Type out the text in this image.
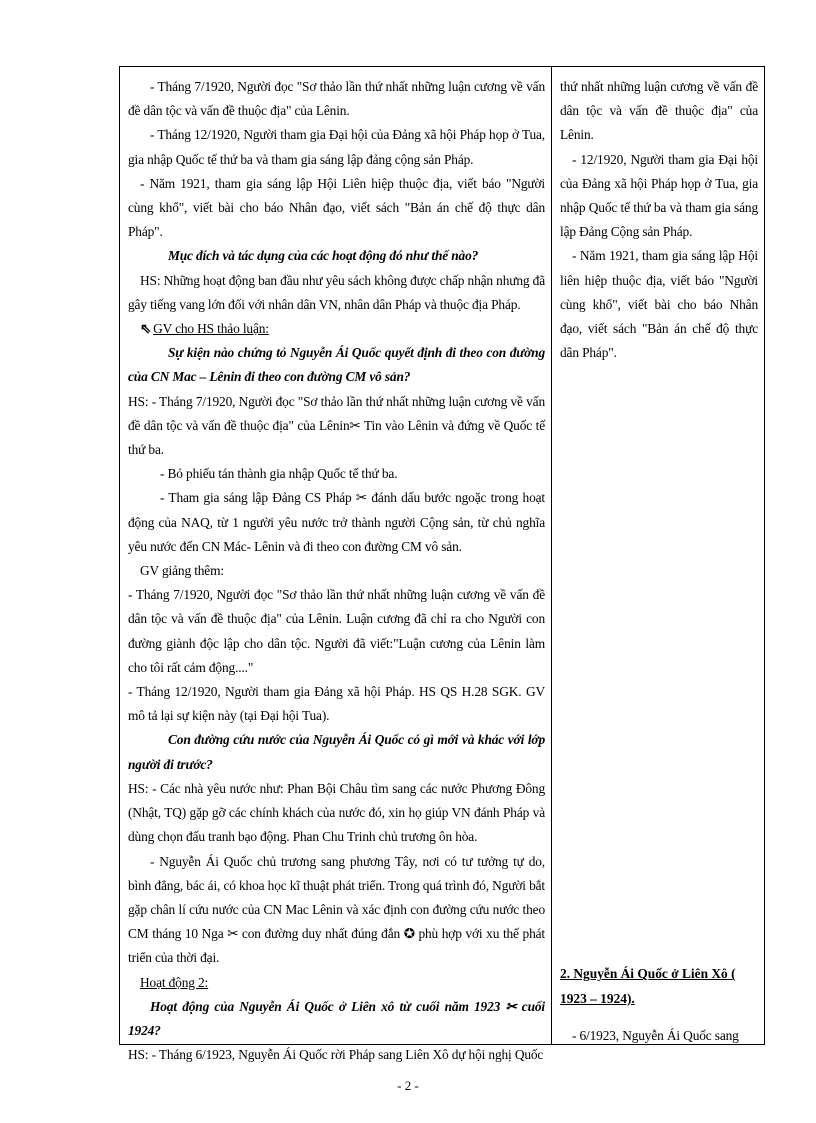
- Tháng 7/1920, Người đọc "Sơ thảo lần thứ nhất những luận cương về vấn đề dân tộc và vấn đề thuộc địa" của Lênin.

- Tháng 12/1920, Người tham gia Đại hội của Đảng xã hội Pháp họp ở Tua, gia nhập Quốc tế thứ ba và tham gia sáng lập đảng cộng sản Pháp.

- Năm 1921, tham gia sáng lập Hội Liên hiệp thuộc địa, viết báo "Người cùng khổ", viết bài cho báo Nhân đạo, viết sách "Bản án chế độ thực dân Pháp".

Mục đích và tác dụng của các hoạt động đó như thế nào?

HS: Những hoạt động ban đầu như yêu sách không được chấp nhận nhưng đã gây tiếng vang lớn đối với nhân dân VN, nhân dân Pháp và thuộc địa Pháp.

⇖ GV cho HS thảo luận:

Sự kiện nào chứng tỏ Nguyễn Ái Quốc quyết định đi theo con đường của CN Mac – Lênin đi theo con đường CM vô sản?

HS: - Tháng 7/1920, Người đọc "Sơ thảo lần thứ nhất những luận cương về vấn đề dân tộc và vấn đề thuộc địa" của Lênin✂ Tin vào Lênin và đứng về Quốc tế thứ ba.

- Bỏ phiếu tán thành gia nhập Quốc tế thứ ba.

- Tham gia sáng lập Đảng CS Pháp ✂ đánh dấu bước ngoặc trong hoạt động của NAQ, từ 1 người yêu nước trở thành người Cộng sản, từ chủ nghĩa yêu nước đến CN Mác- Lênin và đi theo con đường CM vô sản.

GV giảng thêm:

- Tháng 7/1920, Người đọc "Sơ thảo lần thứ nhất những luận cương về vấn đề dân tộc và vấn đề thuộc địa" của Lênin. Luận cương đã chỉ ra cho Người con đường giành độc lập cho dân tộc. Người đã viết:"Luận cương của Lênin làm cho tôi rất cảm động...."

- Tháng 12/1920, Người tham gia Đảng xã hội Pháp. HS QS H.28 SGK. GV mô tả lại sự kiện này (tại Đại hội Tua).

Con đường cứu nước của Nguyễn Ái Quốc có gì mới và khác với lớp người đi trước?

HS: - Các nhà yêu nước như: Phan Bội Châu tìm sang các nước Phương Đông (Nhật, TQ) gặp gỡ các chính khách của nước đó, xin họ giúp VN đánh Pháp và dùng chọn đấu tranh bạo động. Phan Chu Trinh chủ trương ôn hòa.

- Nguyễn Ái Quốc chủ trương sang phương Tây, nơi có tư tưởng tự do, bình đẳng, bác ái, có khoa học kĩ thuật phát triển. Trong quá trình đó, Người bắt gặp chân lí cứu nước của CN Mac Lênin và xác định con đường cứu nước theo CM tháng 10 Nga ✂ con đường duy nhất đúng đắn ✪ phù hợp với xu thế phát triển của thời đại.

Hoạt động 2:

Hoạt động của Nguyễn Ái Quốc ở Liên xô từ cuối năm 1923 ✂ cuối 1924?

HS: - Tháng 6/1923, Nguyễn Ái Quốc rời Pháp sang Liên Xô dự hội nghị Quốc

thứ nhất những luận cương về vấn đề dân tộc và vấn đề thuộc địa" của Lênin.

- 12/1920, Người tham gia Đại hội của Đảng xã hội Pháp họp ở Tua, gia nhập Quốc tế thứ ba và tham gia sáng lập Đảng Cộng sản Pháp.

- Năm 1921, tham gia sáng lập Hội liên hiệp thuộc địa, viết báo "Người cùng khổ", viết bài cho báo Nhân đạo, viết sách "Bản án chế độ thực dân Pháp".

2. Nguyễn Ái Quốc ở Liên Xô ( 1923 – 1924).

- 6/1923, Nguyễn Ái Quốc sang

- 2 -
